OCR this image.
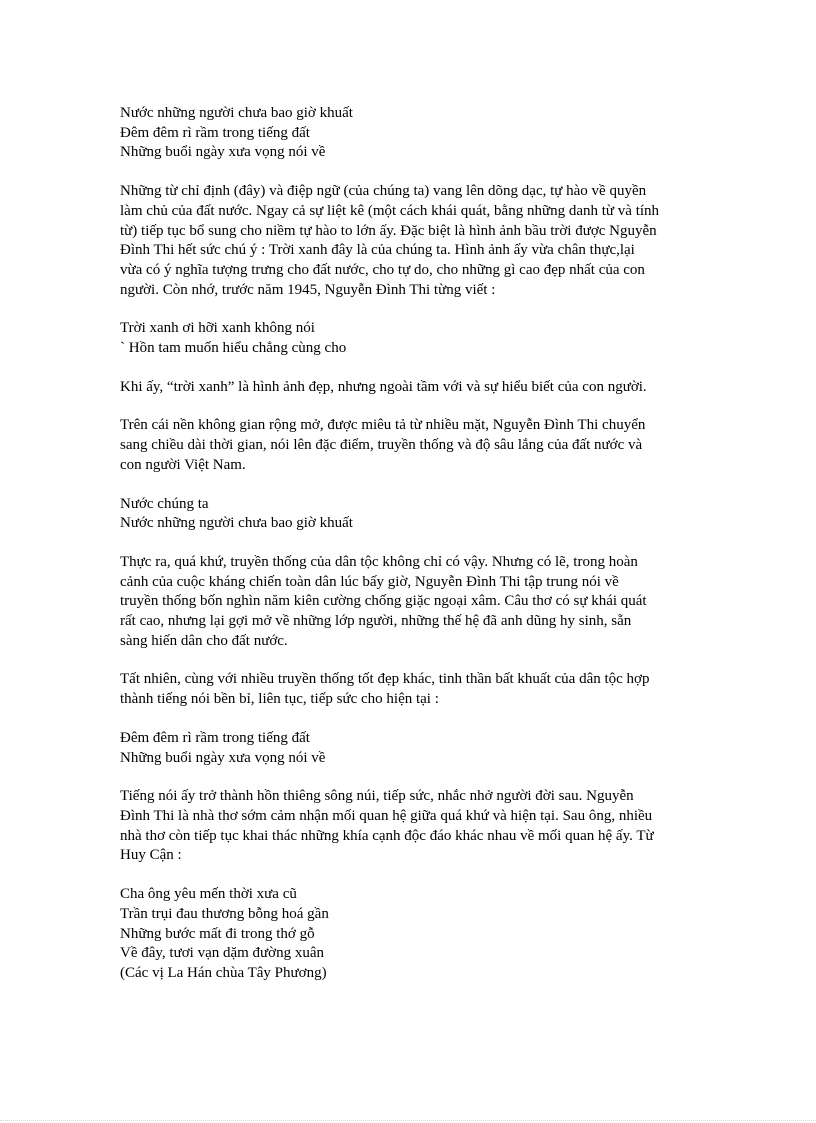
Nước những người chưa bao giờ khuất
Đêm đêm rì rầm trong tiếng đất
Những buổi ngày xưa vọng nói về
Những từ chỉ định (đây) và điệp ngữ (của chúng ta) vang lên dõng dạc, tự hào về quyền
làm chủ của đất nước. Ngay cả sự liệt kê (một cách khái quát, bằng những danh từ và tính
từ) tiếp tục bổ sung cho niềm tự hào to lớn ấy. Đặc biệt là hình ảnh bầu trời được Nguyễn
Đình Thi hết sức chú ý : Trời xanh đây là của chúng ta. Hình ảnh ấy vừa chân thực,lại
vừa có ý nghĩa tượng trưng cho đất nước, cho tự do, cho những gì cao đẹp nhất của con
người. Còn nhớ, trước năm 1945, Nguyễn Đình Thi từng viết :
Trời xanh ơi hỡi xanh không nói
` Hồn tam muốn hiểu chẳng cùng cho
Khi ấy, “trời xanh” là hình ảnh đẹp, nhưng ngoài tầm với và sự hiểu biết của con người.
Trên cái nền không gian rộng mở, được miêu tả từ nhiều mặt, Nguyễn Đình Thi chuyển
sang chiều dài thời gian, nói lên đặc điểm, truyền thống và độ sâu lắng của đất nước và
con người Việt Nam.
Nước chúng ta
Nước những người chưa bao giờ khuất
Thực ra, quá khứ, truyền thống của dân tộc không chỉ có vậy. Nhưng có lẽ, trong hoàn
cảnh của cuộc kháng chiến toàn dân lúc bấy giờ, Nguyễn Đình Thi tập trung nói về
truyền thống bốn nghìn năm kiên cường chống giặc ngoại xâm. Câu thơ có sự khái quát
rất cao, nhưng lại gợi mở về những lớp người, những thế hệ đã anh dũng hy sinh, sẵn
sàng hiến dân cho đất nước.
Tất nhiên, cùng với nhiều truyền thống tốt đẹp khác, tinh thần bất khuất của dân tộc hợp
thành tiếng nói bền bỉ, liên tục, tiếp sức cho hiện tại :
Đêm đêm rì rầm trong tiếng đất
Những buổi ngày xưa vọng nói về
Tiếng nói ấy trở thành hồn thiêng sông núi, tiếp sức, nhắc nhở người đời sau. Nguyễn
Đình Thi là nhà thơ sớm cảm nhận mối quan hệ giữa quá khứ và hiện tại. Sau ông, nhiều
nhà thơ còn tiếp tục khai thác những khía cạnh độc đáo khác nhau về mối quan hệ ấy. Từ
Huy Cận :
Cha ông yêu mến thời xưa cũ
Trần trụi đau thương bỗng hoá gần
Những bước mất đi trong thớ gỗ
Về đây, tươi vạn dặm đường xuân
(Các vị La Hán chùa Tây Phương)
